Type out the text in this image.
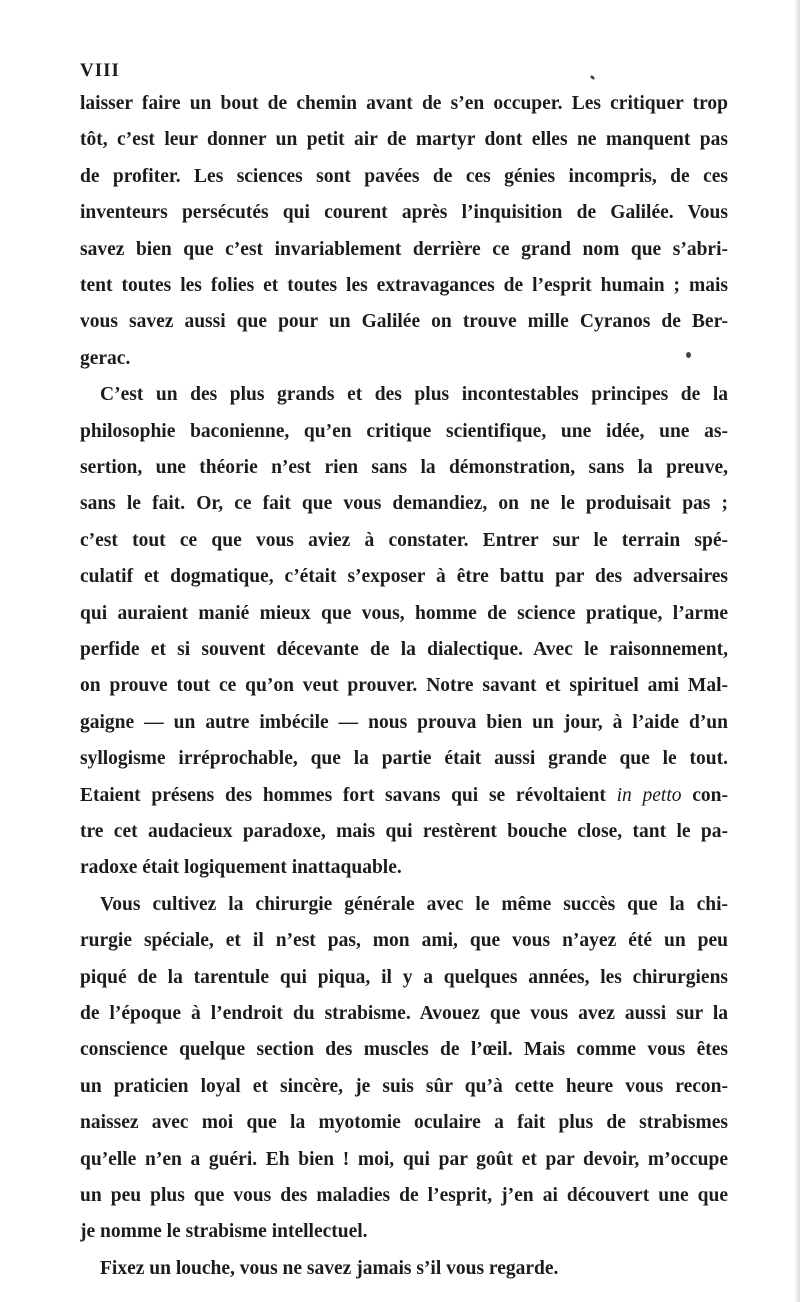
VIII
laisser faire un bout de chemin avant de s’en occuper. Les critiquer trop
tôt, c’est leur donner un petit air de martyr dont elles ne manquent pas
de profiter. Les sciences sont pavées de ces génies incompris, de ces
inventeurs persécutés qui courent après l’inquisition de Galilée. Vous
savez bien que c’est invariablement derrière ce grand nom que s’abri-
tent toutes les folies et toutes les extravagances de l’esprit humain ; mais
vous savez aussi que pour un Galilée on trouve mille Cyranos de Ber-
gerac.
C’est un des plus grands et des plus incontestables principes de la
philosophie baconienne, qu’en critique scientifique, une idée, une as-
sertion, une théorie n’est rien sans la démonstration, sans la preuve,
sans le fait. Or, ce fait que vous demandiez, on ne le produisait pas ;
c’est tout ce que vous aviez à constater. Entrer sur le terrain spé-
culatif et dogmatique, c’était s’exposer à être battu par des adversaires
qui auraient manié mieux que vous, homme de science pratique, l’arme
perfide et si souvent décevante de la dialectique. Avec le raisonnement,
on prouve tout ce qu’on veut prouver. Notre savant et spirituel ami Mal-
gaigne — un autre imbécile — nous prouva bien un jour, à l’aide d’un
syllogisme irréprochable, que la partie était aussi grande que le tout.
Etaient présens des hommes fort savans qui se révoltaient in petto con-
tre cet audacieux paradoxe, mais qui restèrent bouche close, tant le pa-
radoxe était logiquement inattaquable.
Vous cultivez la chirurgie générale avec le même succès que la chi-
rurgie spéciale, et il n’est pas, mon ami, que vous n’ayez été un peu
piqué de la tarentule qui piqua, il y a quelques années, les chirurgiens
de l’époque à l’endroit du strabisme. Avouez que vous avez aussi sur la
conscience quelque section des muscles de l’œil. Mais comme vous êtes
un praticien loyal et sincère, je suis sûr qu’à cette heure vous recon-
naissez avec moi que la myotomie oculaire a fait plus de strabismes
qu’elle n’en a guéri. Eh bien ! moi, qui par goût et par devoir, m’occupe
un peu plus que vous des maladies de l’esprit, j’en ai découvert une que
je nomme le strabisme intellectuel.
Fixez un louche, vous ne savez jamais s’il vous regarde.
